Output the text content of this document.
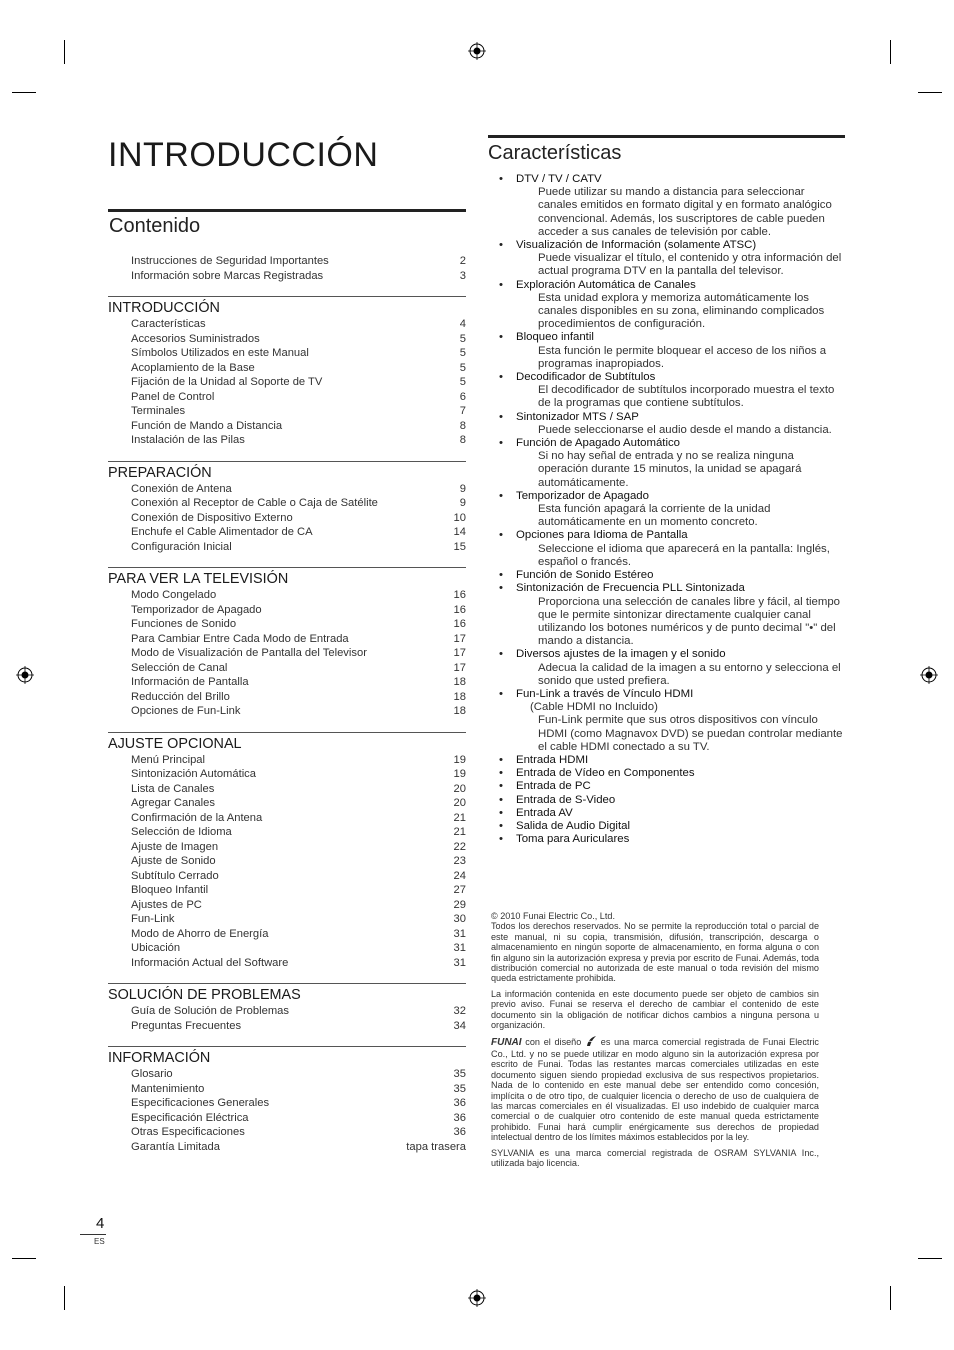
INTRODUCCIÓN
Contenido
Instrucciones de Seguridad Importantes	2
Información sobre Marcas Registradas	3
INTRODUCCIÓN
Características	4
Accesorios Suministrados	5
Símbolos Utilizados en este Manual	5
Acoplamiento de la Base	5
Fijación de la Unidad al Soporte de TV	5
Panel de Control	6
Terminales	7
Función de Mando a Distancia	8
Instalación de las Pilas	8
PREPARACIÓN
Conexión de Antena	9
Conexión al Receptor de Cable o Caja de Satélite	9
Conexión de Dispositivo Externo	10
Enchufe el Cable Alimentador de CA	14
Configuración Inicial	15
PARA VER LA TELEVISIÓN
Modo Congelado	16
Temporizador de Apagado	16
Funciones de Sonido	16
Para Cambiar Entre Cada Modo de Entrada	17
Modo de Visualización de Pantalla del Televisor	17
Selección de Canal	17
Información de Pantalla	18
Reducción del Brillo	18
Opciones de Fun-Link	18
AJUSTE OPCIONAL
Menú Principal	19
Sintonización Automática	19
Lista de Canales	20
Agregar Canales	20
Confirmación de la Antena	21
Selección de Idioma	21
Ajuste de Imagen	22
Ajuste de Sonido	23
Subtítulo Cerrado	24
Bloqueo Infantil	27
Ajustes de PC	29
Fun-Link	30
Modo de Ahorro de Energía	31
Ubicación	31
Información Actual del Software	31
SOLUCIÓN DE PROBLEMAS
Guía de Solución de Problemas	32
Preguntas Frecuentes	34
INFORMACIÓN
Glosario	35
Mantenimiento	35
Especificaciones Generales	36
Especificación Eléctrica	36
Otras Especificaciones	36
Garantía Limitada	tapa trasera
Características
•	DTV / TV / CATV
Puede utilizar su mando a distancia para seleccionar canales emitidos en formato digital y en formato analógico convencional. Además, los suscriptores de cable pueden acceder a sus canales de televisión por cable.
•	Visualización de Información (solamente ATSC)
Puede visualizar el título, el contenido y otra información del actual programa DTV en la pantalla del televisor.
•	Exploración Automática de Canales
Esta unidad explora y memoriza automáticamente los canales disponibles en su zona, eliminando complicados procedimientos de configuración.
•	Bloqueo infantil
Esta función le permite bloquear el acceso de los niños a programas inapropiados.
•	Decodificador de Subtítulos
El decodificador de subtítulos incorporado muestra el texto de la programas que contiene subtítulos.
•	Sintonizador MTS / SAP
Puede seleccionarse el audio desde el mando a distancia.
•	Función de Apagado Automático
Si no hay señal de entrada y no se realiza ninguna operación durante 15 minutos, la unidad se apagará automáticamente.
•	Temporizador de Apagado
Esta función apagará la corriente de la unidad automáticamente en un momento concreto.
•	Opciones para Idioma de Pantalla
Seleccione el idioma que aparecerá en la pantalla: Inglés, español o francés.
•	Función de Sonido Estéreo
•	Sintonización de Frecuencia PLL Sintonizada
Proporciona una selección de canales libre y fácil, al tiempo que le permite sintonizar directamente cualquier canal utilizando los botones numéricos y de punto decimal "•" del mando a distancia.
•	Diversos ajustes de la imagen y el sonido
Adecua la calidad de la imagen a su entorno y selecciona el sonido que usted prefiera.
•	Fun-Link a través de Vínculo HDMI
(Cable HDMI no Incluido)
Fun-Link permite que sus otros dispositivos con vínculo HDMI (como Magnavox DVD) se puedan controlar mediante el cable HDMI conectado a su TV.
•	Entrada HDMI
•	Entrada de Vídeo en Componentes
•	Entrada de PC
•	Entrada de S-Video
•	Entrada AV
•	Salida de Audio Digital
•	Toma para Auriculares

© 2010 Funai Electric Co., Ltd.
Todos los derechos reservados. No se permite la reproducción total o parcial de este manual, ni su copia, transmisión, difusión, transcripción, descarga o almacenamiento en ningún soporte de almacenamiento, en forma alguna o con fin alguno sin la autorización expresa y previa por escrito de Funai. Además, toda distribución comercial no autorizada de este manual o toda revisión del mismo queda estrictamente prohibida.

La información contenida en este documento puede ser objeto de cambios sin previo aviso. Funai se reserva el derecho de cambiar el contenido de este documento sin la obligación de notificar dichos cambios a ninguna persona u organización.

FUNAI con el diseño es una marca comercial registrada de Funai Electric Co., Ltd. y no se puede utilizar en modo alguno sin la autorización expresa por escrito de Funai. Todas las restantes marcas comerciales utilizadas en este documento siguen siendo propiedad exclusiva de sus respectivos propietarios. Nada de lo contenido en este manual debe ser entendido como concesión, implícita o de otro tipo, de cualquier licencia o derecho de uso de cualquiera de las marcas comerciales en él visualizadas. El uso indebido de cualquier marca comercial o de cualquier otro contenido de este manual queda estrictamente prohibido. Funai hará cumplir enérgicamente sus derechos de propiedad intelectual dentro de los límites máximos establecidos por la ley.

SYLVANIA es una marca comercial registrada de OSRAM SYLVANIA Inc., utilizada bajo licencia.

4
ES
